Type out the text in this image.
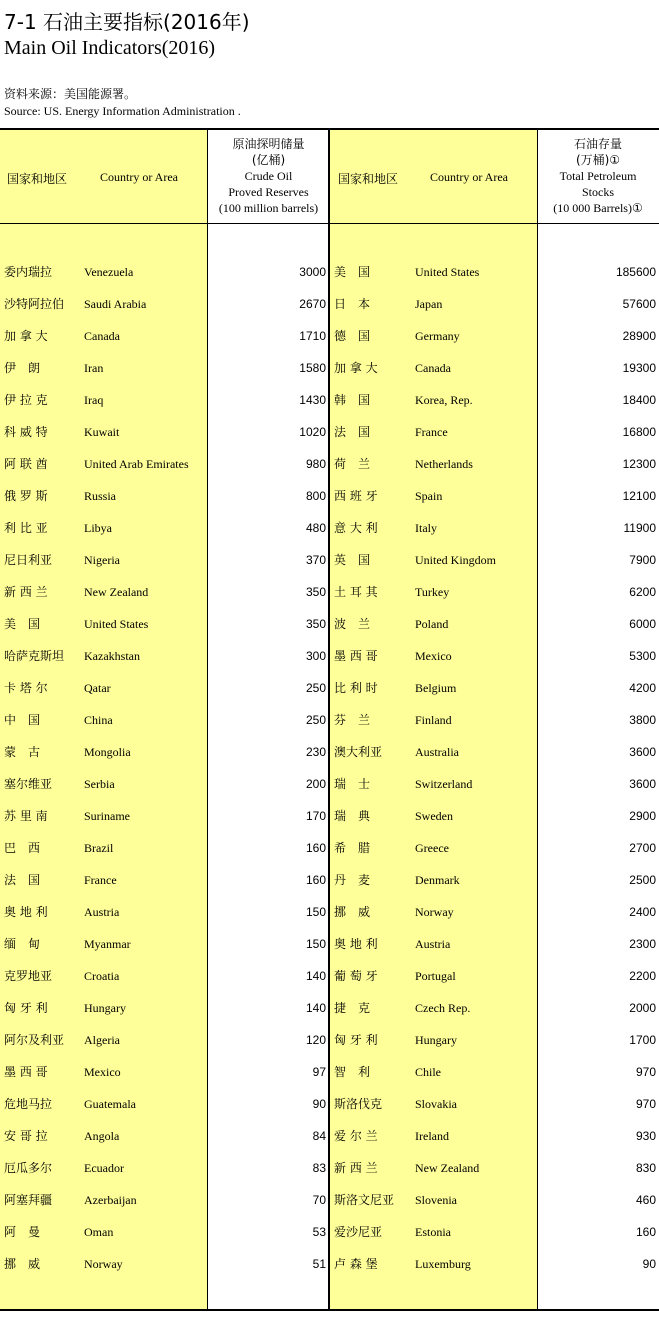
7-1 石油主要指标(2016年)
Main Oil Indicators(2016)
资料来源：美国能源署。
Source: US. Energy Information Administration .
国家和地区	Country or Area
原油探明储量
(亿桶)
Crude Oil
Proved Reserves
(100 million barrels)
国家和地区	Country or Area
石油存量
(万桶)①
Total Petroleum
Stocks
(10 000 Barrels)①
委内瑞拉	Venezuela	3000 美　国	United States	185600
沙特阿拉伯 Saudi Arabia	2670 日　本	Japan	57600
加 拿 大	Canada	1710 德　国	Germany	28900
伊　朗	Iran	1580 加 拿 大	Canada	19300
伊 拉 克	Iraq	1430 韩　国	Korea, Rep.	18400
科 威 特	Kuwait	1020 法　国	France	16800
阿 联 酋	United Arab Emirates	980 荷　兰	Netherlands	12300
俄 罗 斯	Russia	800 西 班 牙	Spain	12100
利 比 亚	Libya	480 意 大 利	Italy	11900
尼日利亚	Nigeria	370 英　国	United Kingdom	7900
新 西 兰	New Zealand	350 土 耳 其	Turkey	6200
美　国	United States	350 波　兰	Poland	6000
哈萨克斯坦 Kazakhstan	300 墨 西 哥	Mexico	5300
卡 塔 尔	Qatar	250 比 利 时	Belgium	4200
中　国	China	250 芬　兰	Finland	3800
蒙　古	Mongolia	230 澳大利亚	Australia	3600
塞尔维亚	Serbia	200 瑞　士	Switzerland	3600
苏 里 南	Suriname	170 瑞　典	Sweden	2900
巴　西	Brazil	160 希　腊	Greece	2700
法　国	France	160 丹　麦	Denmark	2500
奥 地 利	Austria	150 挪　威	Norway	2400
缅　甸	Myanmar	150 奥 地 利	Austria	2300
克罗地亚	Croatia	140 葡 萄 牙	Portugal	2200
匈 牙 利	Hungary	140 捷　克	Czech Rep.	2000
阿尔及利亚 Algeria	120 匈 牙 利	Hungary	1700
墨 西 哥	Mexico	97 智　利	Chile	970
危地马拉	Guatemala	90 斯洛伐克	Slovakia	970
安 哥 拉	Angola	84 爱 尔 兰	Ireland	930
厄瓜多尔	Ecuador	83 新 西 兰	New Zealand	830
阿塞拜疆	Azerbaijan	70 斯洛文尼亚 Slovenia	460
阿　曼	Oman	53 爱沙尼亚	Estonia	160
挪　威	Norway	51 卢 森 堡	Luxemburg	90
